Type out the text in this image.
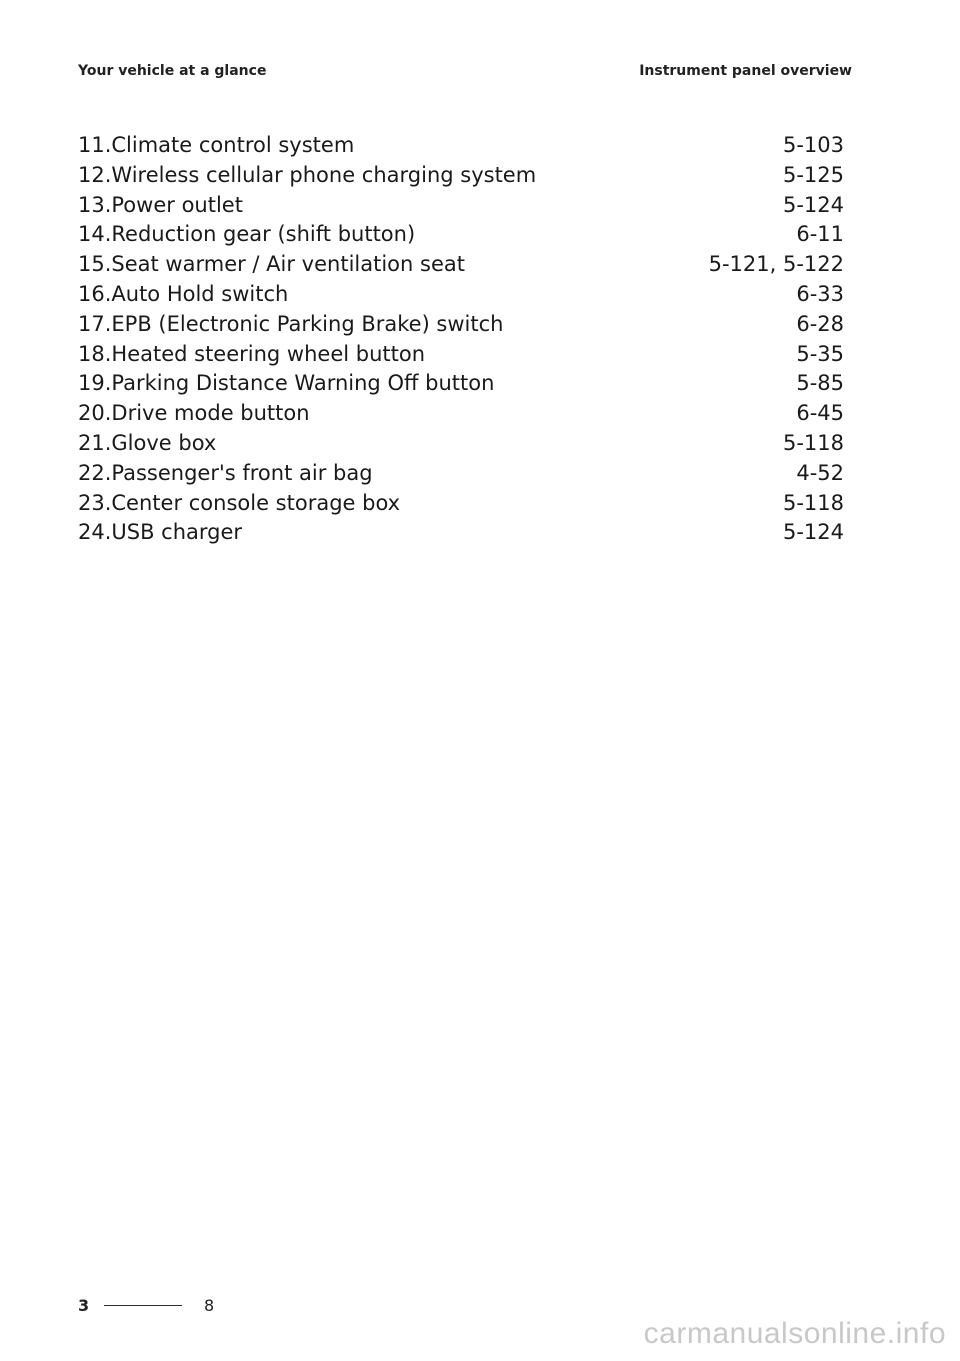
Your vehicle at a glance	Instrument panel overview
11.Climate control system	5-103
12.Wireless cellular phone charging system	5-125
13.Power outlet	5-124
14.Reduction gear (shift button)	6-11
15.Seat warmer / Air ventilation seat	5-121, 5-122
16.Auto Hold switch	6-33
17.EPB (Electronic Parking Brake) switch	6-28
18.Heated steering wheel button	5-35
19.Parking Distance Warning Off button	5-85
20.Drive mode button	6-45
21.Glove box	5-118
22.Passenger's front air bag	4-52
23.Center console storage box	5-118
24.USB charger	5-124
3	8
carmanualsonline.info
